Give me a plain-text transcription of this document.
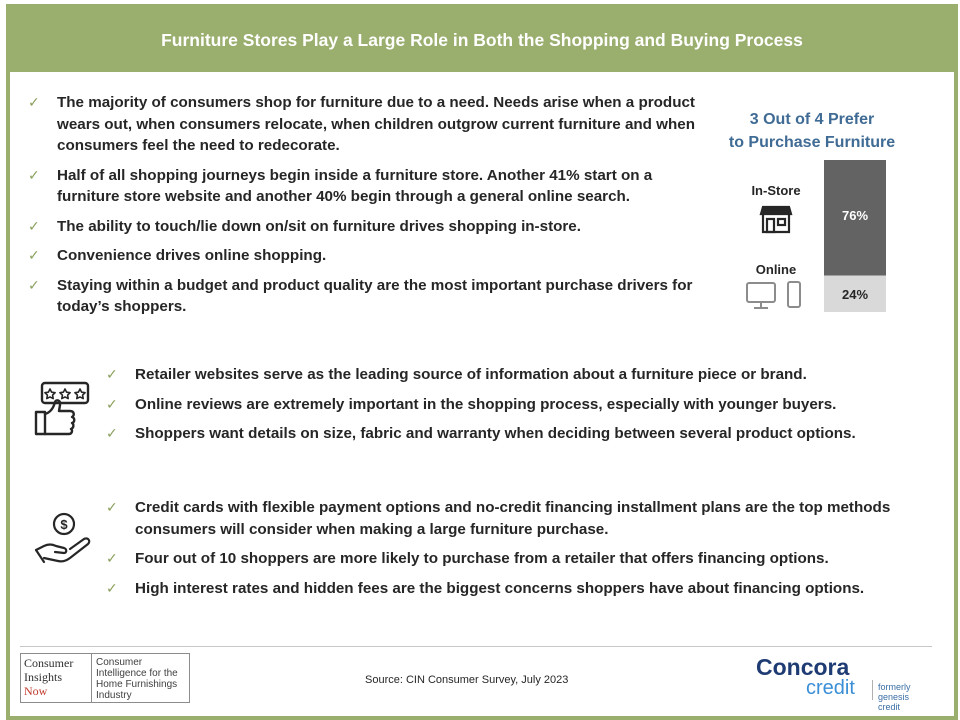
Furniture Stores Play a Large Role in Both the Shopping and Buying Process
✓ The majority of consumers shop for furniture due to a need. Needs arise when a product wears out, when consumers relocate, when children outgrow current furniture and when consumers feel the need to redecorate.
✓ Half of all shopping journeys begin inside a furniture store. Another 41% start on a furniture store website and another 40% begin through a general online search.
✓ The ability to touch/lie down on/sit on furniture drives shopping in-store.
✓ Convenience drives online shopping.
✓ Staying within a budget and product quality are the most important purchase drivers for today’s shoppers.
3 Out of 4 Prefer
to Purchase Furniture
In-Store
Online
76%
24%
✓ Retailer websites serve as the leading source of information about a furniture piece or brand.
✓ Online reviews are extremely important in the shopping process, especially with younger buyers.
✓ Shoppers want details on size, fabric and warranty when deciding between several product options.
$
✓ Credit cards with flexible payment options and no-credit financing installment plans are the top methods consumers will consider when making a large furniture purchase.
✓ Four out of 10 shoppers are more likely to purchase from a retailer that offers financing options.
✓ High interest rates and hidden fees are the biggest concerns shoppers have about financing options.
Consumer
Insights
Now
Consumer Intelligence for the Home Furnishings Industry
Source: CIN Consumer Survey, July 2023	Concora
credit	formerly
genesis credit
